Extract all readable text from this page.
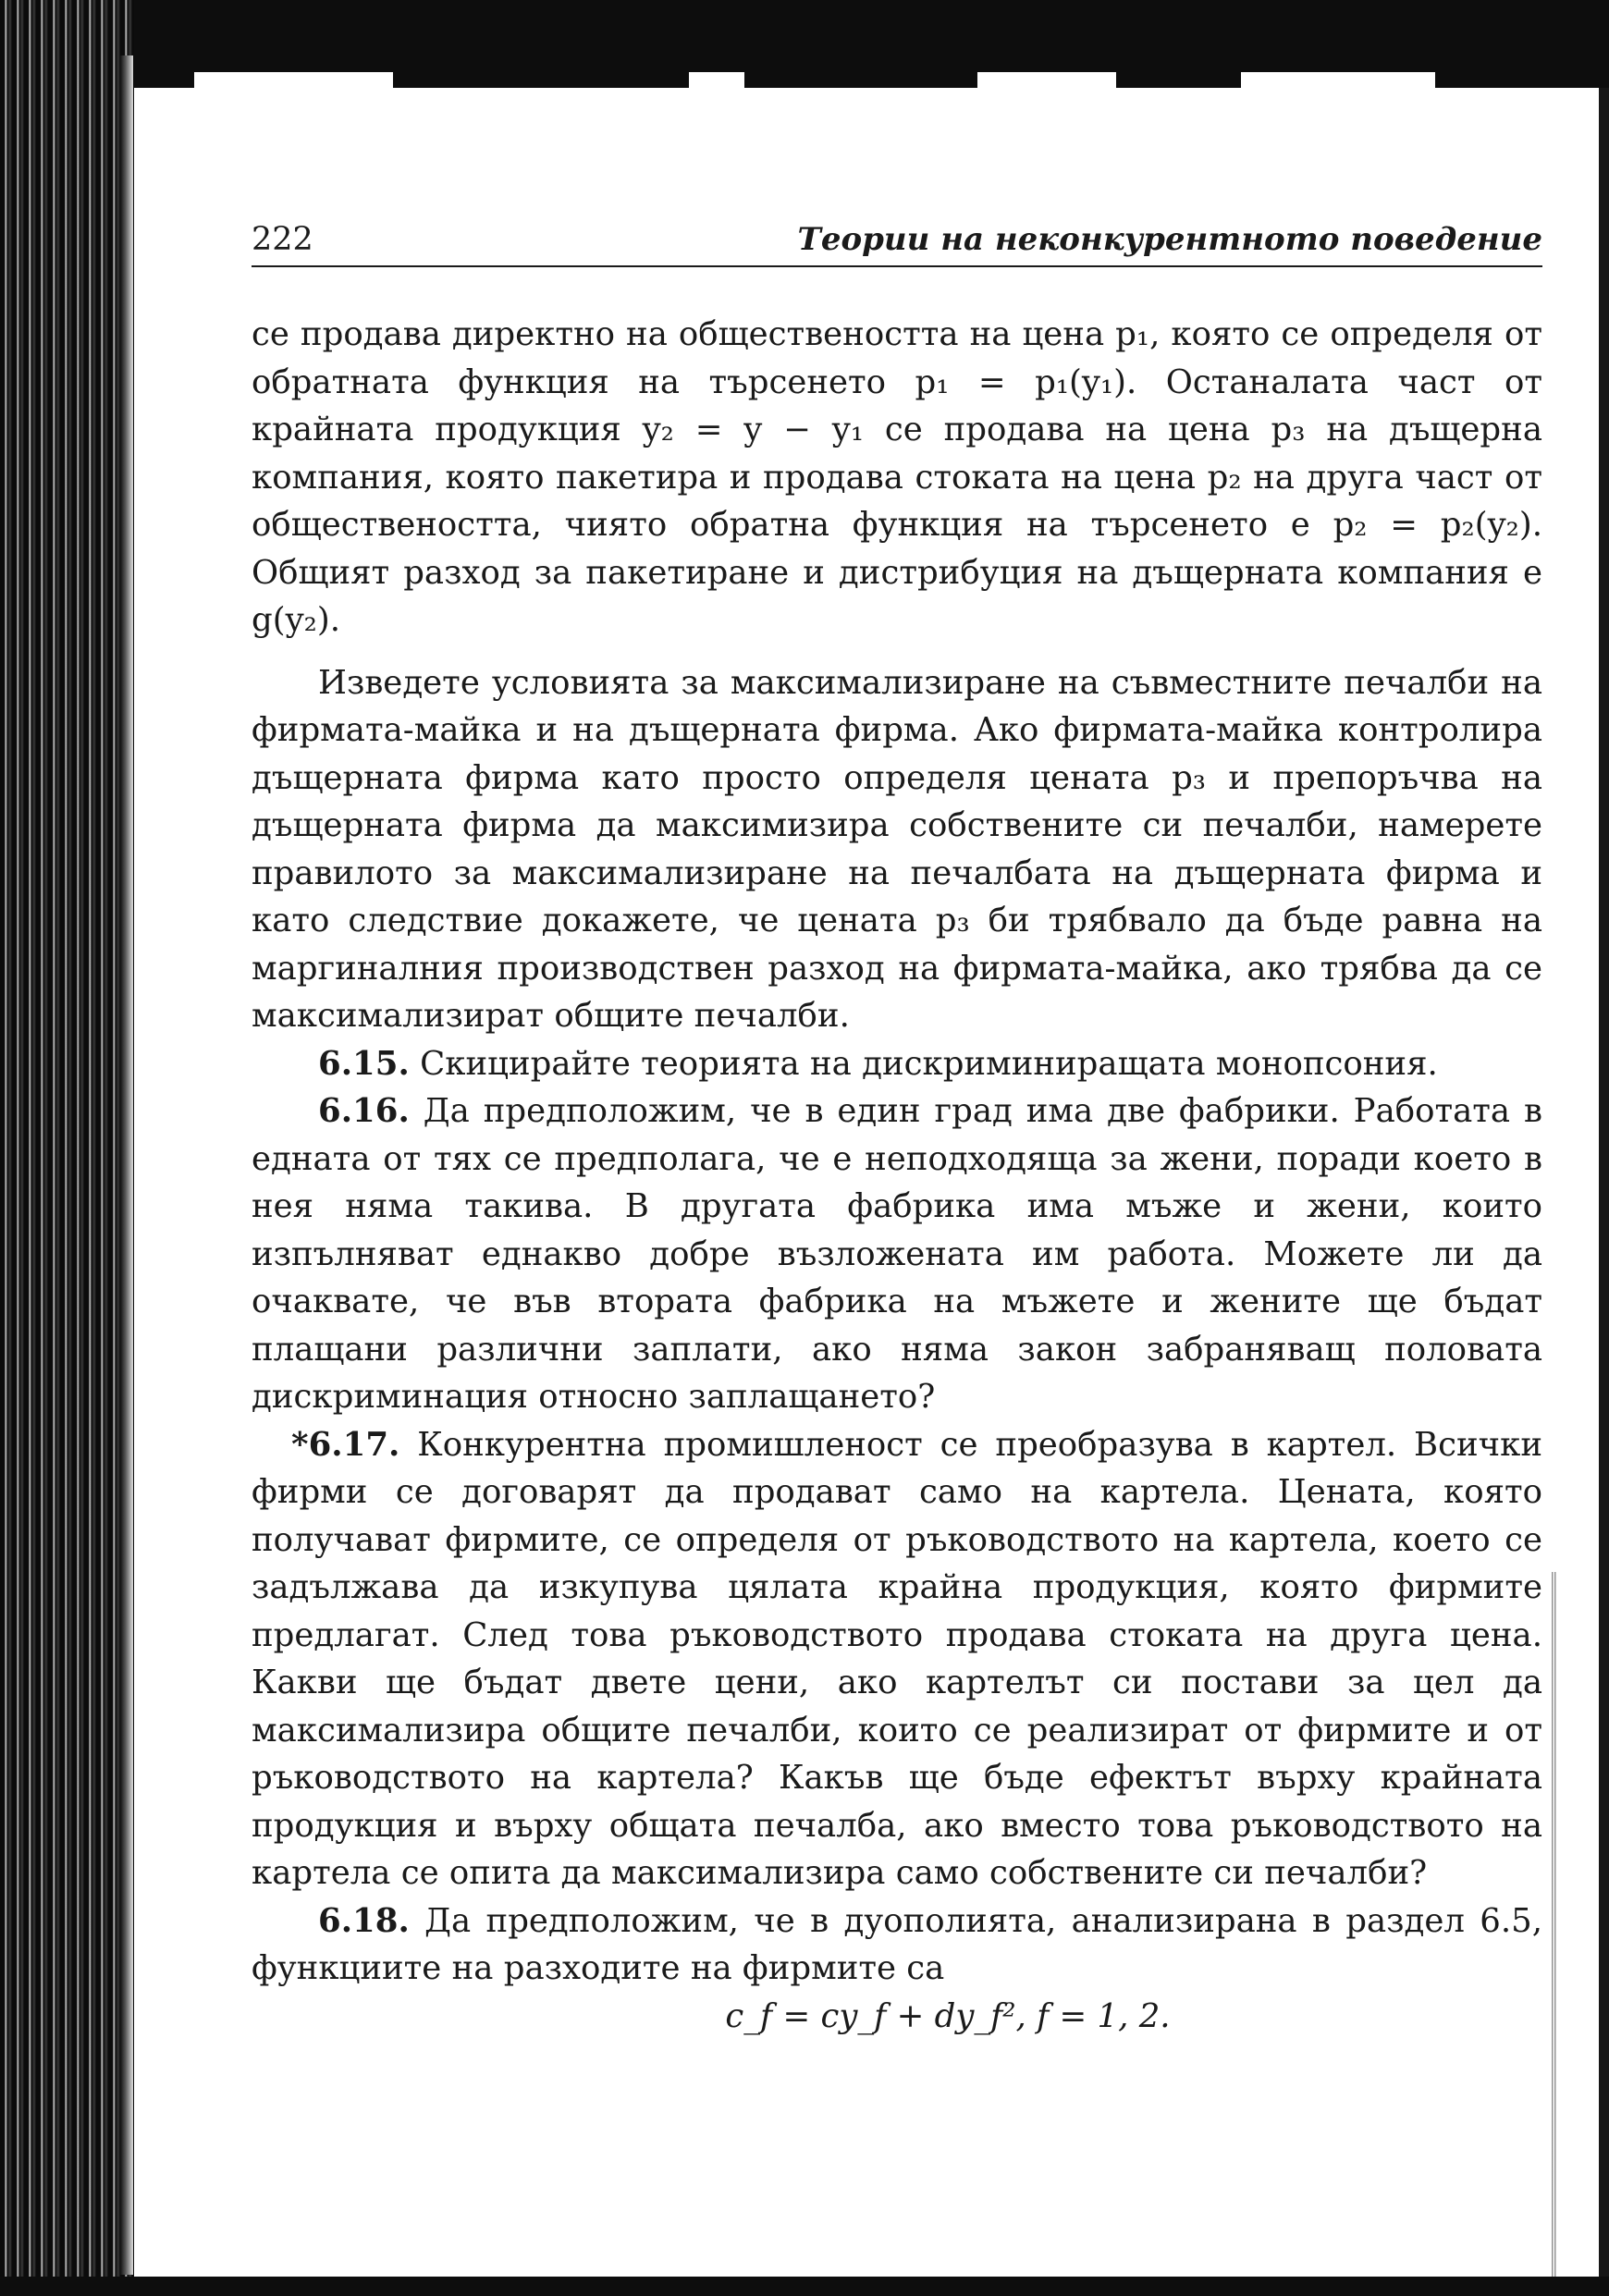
222	Теории на неконкурентното поведение

се продава директно на обществеността на цена p₁, която се определя от обратната функция на търсенето p₁ = p₁(y₁). Останалата част от крайната продукция y₂ = y − y₁ се продава на цена p₃ на дъщерна компания, която пакетира и продава стоката на цена p₂ на друга част от обществеността, чиято обратна функция на търсенето е p₂ = p₂(y₂). Общият разход за пакетиране и дистрибуция на дъщерната компания е g(y₂).

Изведете условията за максимализиране на съвместните печалби на фирмата-майка и на дъщерната фирма. Ако фирмата-майка контролира дъщерната фирма като просто определя цената p₃ и препоръчва на дъщерната фирма да максимизира собствените си печалби, намерете правилото за максимализиране на печалбата на дъщерната фирма и като следствие докажете, че цената p₃ би трябвало да бъде равна на маргиналния производствен разход на фирмата-майка, ако трябва да се максимализират общите печалби.

6.15. Скицирайте теорията на дискриминиращата монопсония.

6.16. Да предположим, че в един град има две фабрики. Работата в едната от тях се предполага, че е неподходяща за жени, поради което в нея няма такива. В другата фабрика има мъже и жени, които изпълняват еднакво добре възложената им работа. Можете ли да очаквате, че във втората фабрика на мъжете и жените ще бъдат плащани различни заплати, ако няма закон забраняващ половата дискриминация относно заплащането?

*6.17. Конкурентна промишленост се преобразува в картел. Всички фирми се договарят да продават само на картела. Цената, която получават фирмите, се определя от ръководството на картела, което се задължава да изкупува цялата крайна продукция, която фирмите предлагат. След това ръководството продава стоката на друга цена. Какви ще бъдат двете цени, ако картелът си постави за цел да максимализира общите печалби, които се реализират от фирмите и от ръководството на картела? Какъв ще бъде ефектът върху крайната продукция и върху общата печалба, ако вместо това ръководството на картела се опита да максимализира само собствените си печалби?

6.18. Да предположим, че в дуополията, анализирана в раздел 6.5, функциите на разходите на фирмите са

c_f = cy_f + dy_f², f = 1, 2.
